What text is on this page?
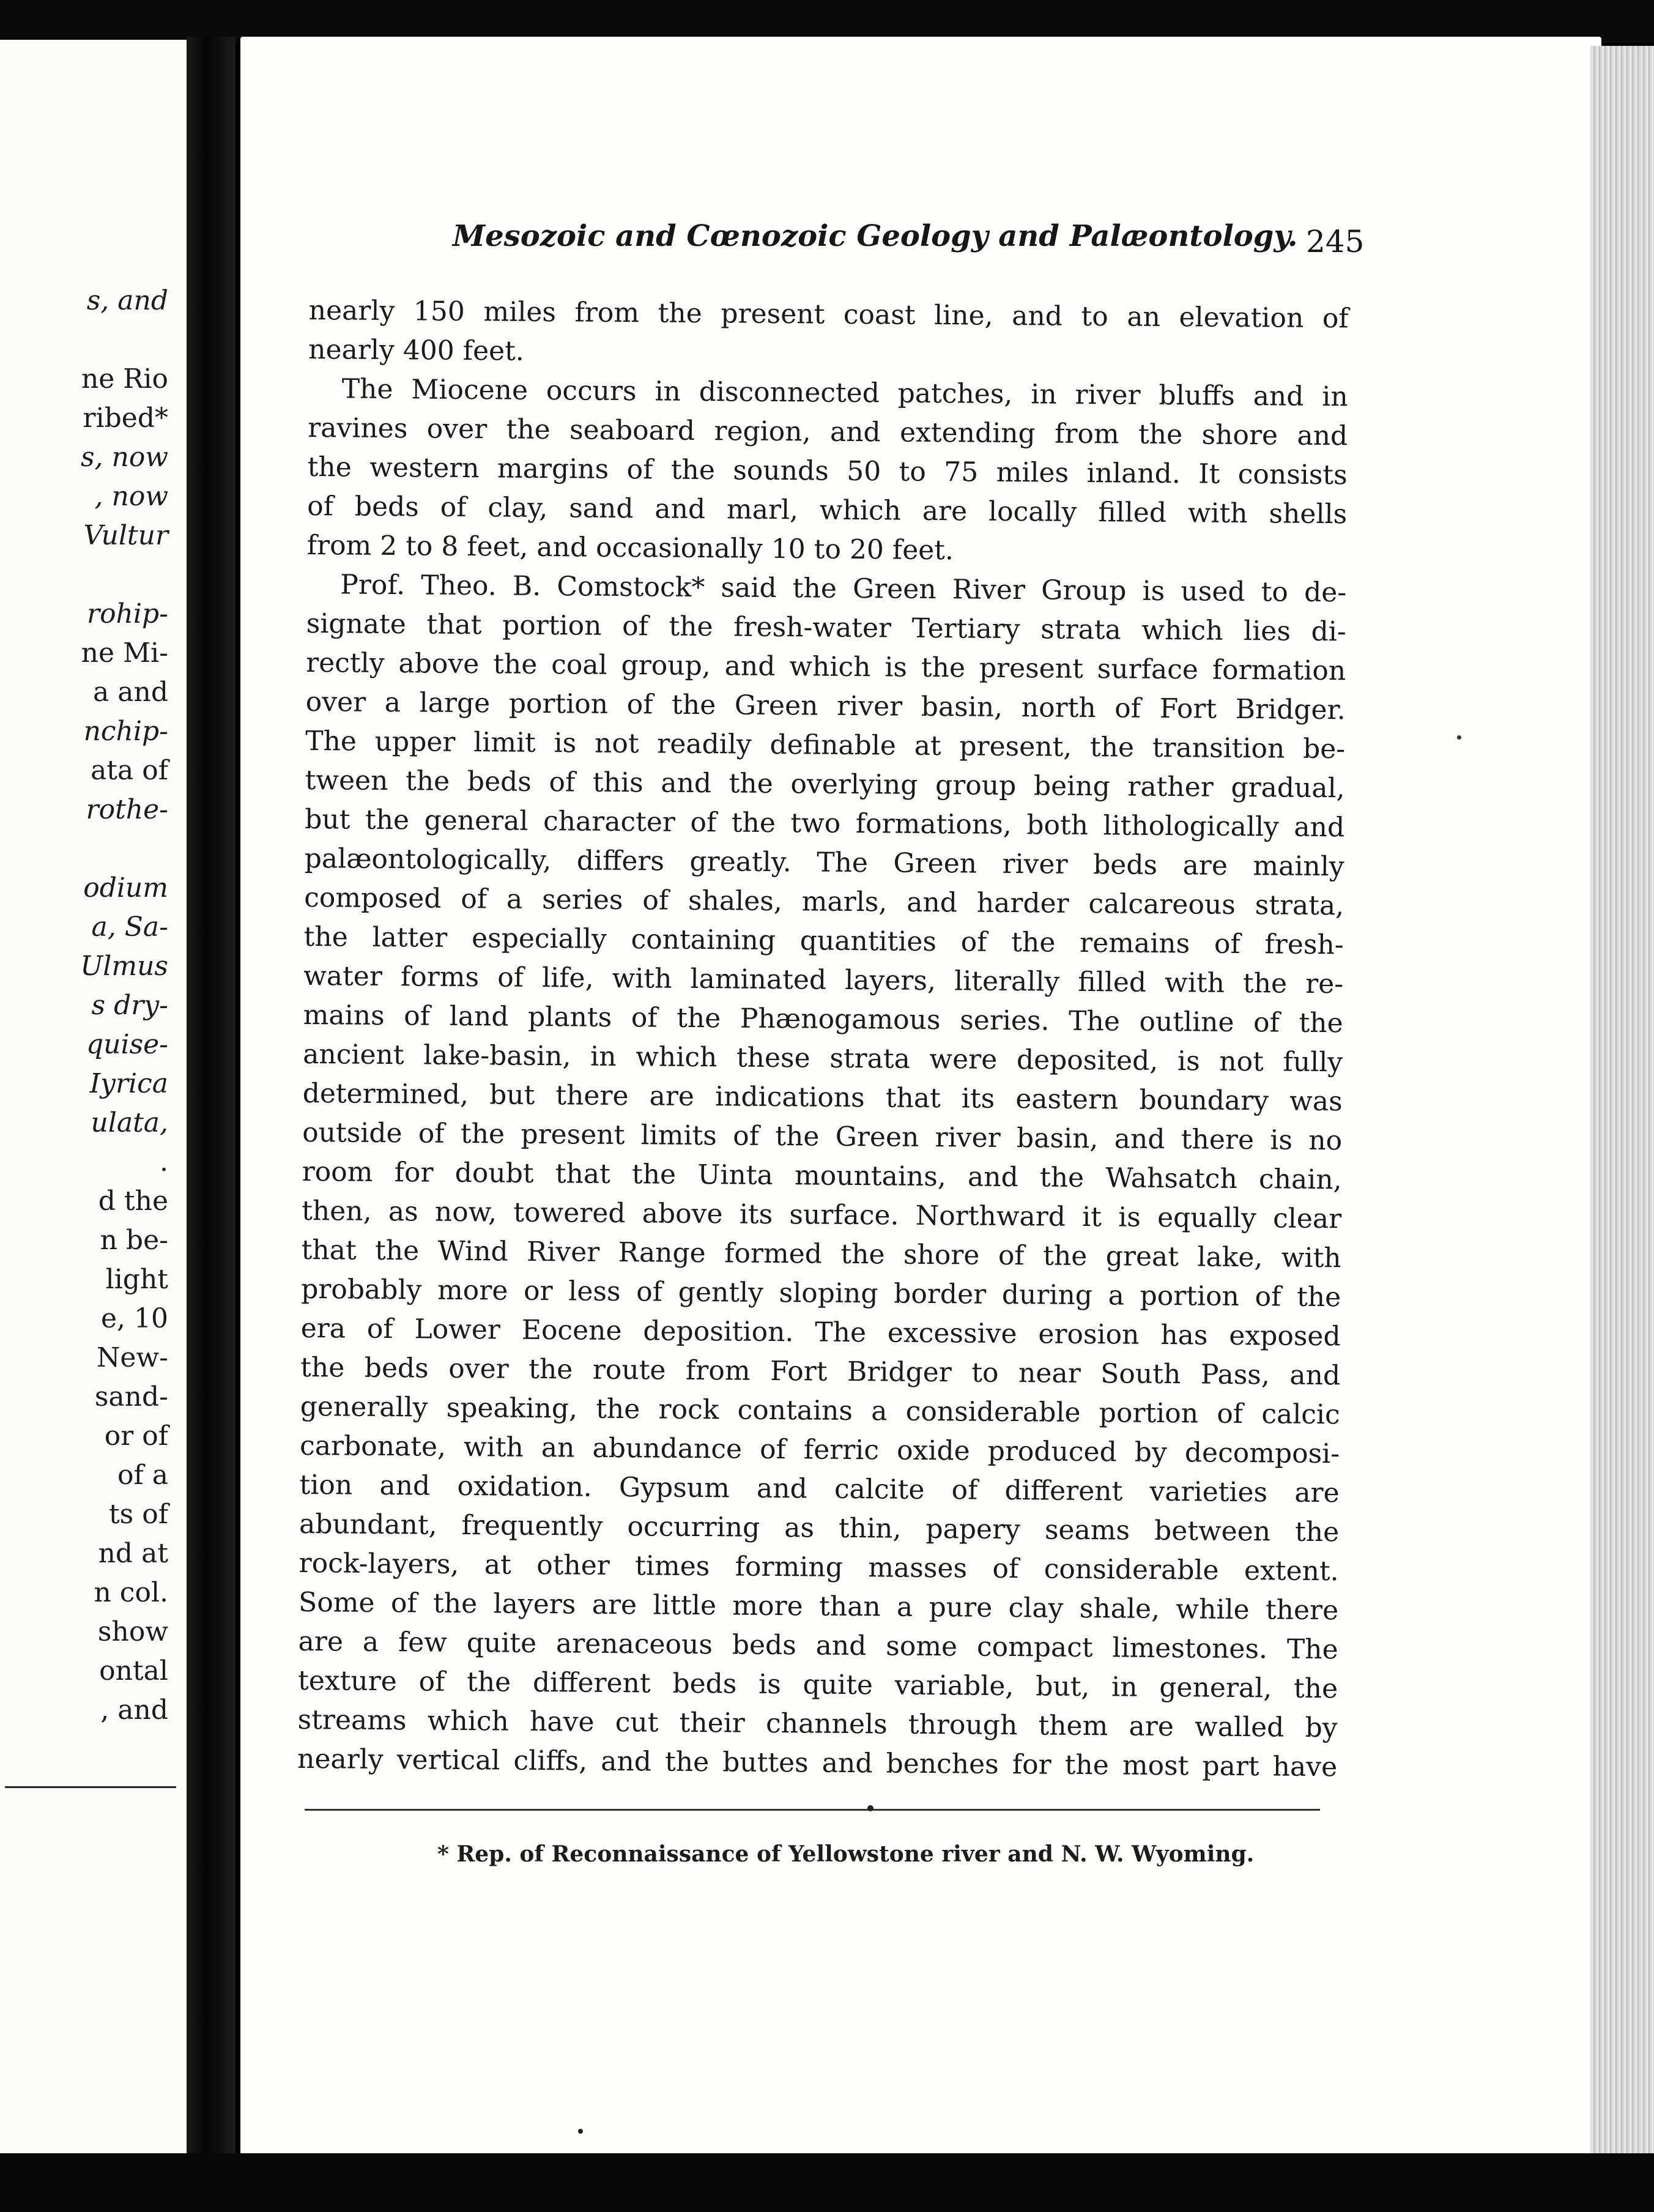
s, and
ne Rio
ribed*
s, now
, now
Vultur
rohip-
ne Mi-
a and
nchip-
ata of
rothe-
odium
a, Sa-
Ulmus
s dry-
quise-
Iyrica
ulata,
.
d the
n be-
light
e, 10
New-
sand-
or of
of a
ts of
nd at
n col.
show
ontal
, and
Mesozoic and Cœnozoic Geology and Palæontology. 245
nearly 150 miles from the present coast line, and to an elevation of
nearly 400 feet.
The Miocene occurs in disconnected patches, in river bluffs and in
ravines over the seaboard region, and extending from the shore and
the western margins of the sounds 50 to 75 miles inland. It consists
of beds of clay, sand and marl, which are locally filled with shells
from 2 to 8 feet, and occasionally 10 to 20 feet.
Prof. Theo. B. Comstock* said the Green River Group is used to de-
signate that portion of the fresh-water Tertiary strata which lies di-
rectly above the coal group, and which is the present surface formation
over a large portion of the Green river basin, north of Fort Bridger.
The upper limit is not readily definable at present, the transition be-
tween the beds of this and the overlying group being rather gradual,
but the general character of the two formations, both lithologically and
palæontologically, differs greatly. The Green river beds are mainly
composed of a series of shales, marls, and harder calcareous strata,
the latter especially containing quantities of the remains of fresh-
water forms of life, with laminated layers, literally filled with the re-
mains of land plants of the Phænogamous series. The outline of the
ancient lake-basin, in which these strata were deposited, is not fully
determined, but there are indications that its eastern boundary was
outside of the present limits of the Green river basin, and there is no
room for doubt that the Uinta mountains, and the Wahsatch chain,
then, as now, towered above its surface. Northward it is equally clear
that the Wind River Range formed the shore of the great lake, with
probably more or less of gently sloping border during a portion of the
era of Lower Eocene deposition. The excessive erosion has exposed
the beds over the route from Fort Bridger to near South Pass, and
generally speaking, the rock contains a considerable portion of calcic
carbonate, with an abundance of ferric oxide produced by decomposi-
tion and oxidation. Gypsum and calcite of different varieties are
abundant, frequently occurring as thin, papery seams between the
rock-layers, at other times forming masses of considerable extent.
Some of the layers are little more than a pure clay shale, while there
are a few quite arenaceous beds and some compact limestones. The
texture of the different beds is quite variable, but, in general, the
streams which have cut their channels through them are walled by
nearly vertical cliffs, and the buttes and benches for the most part have
* Rep. of Reconnaissance of Yellowstone river and N. W. Wyoming.
